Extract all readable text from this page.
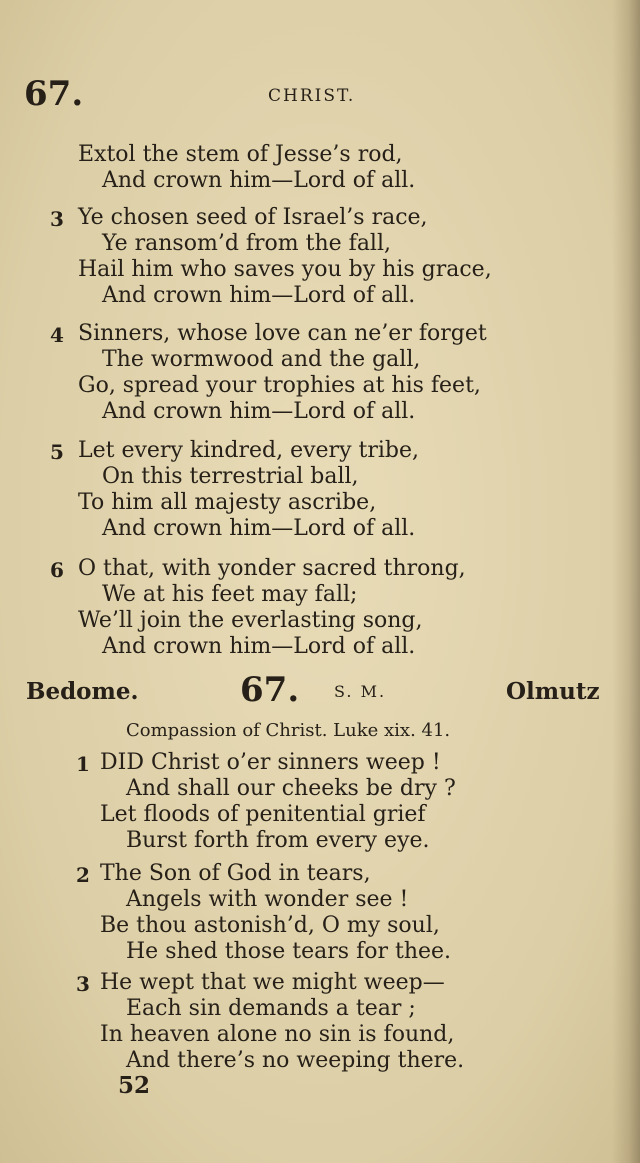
67.	CHRIST.
Extol the stem of Jesse’s rod,
And crown him—Lord of all.
3 Ye chosen seed of Israel’s race,
Ye ransom’d from the fall,
Hail him who saves you by his grace,
And crown him—Lord of all.
4 Sinners, whose love can ne’er forget
The wormwood and the gall,
Go, spread your trophies at his feet,
And crown him—Lord of all.
5 Let every kindred, every tribe,
On this terrestrial ball,
To him all majesty ascribe,
And crown him—Lord of all.
6 O that, with yonder sacred throng,
We at his feet may fall;
We’ll join the everlasting song,
And crown him—Lord of all.
Bedome.	67. S. M.	Olmutz
Compassion of Christ. Luke xix. 41.
1 DID Christ o’er sinners weep !
And shall our cheeks be dry ?
Let floods of penitential grief
Burst forth from every eye.
2 The Son of God in tears,
Angels with wonder see !
Be thou astonish’d, O my soul,
He shed those tears for thee.
3 He wept that we might weep—
Each sin demands a tear ;
In heaven alone no sin is found,
And there’s no weeping there.
52
